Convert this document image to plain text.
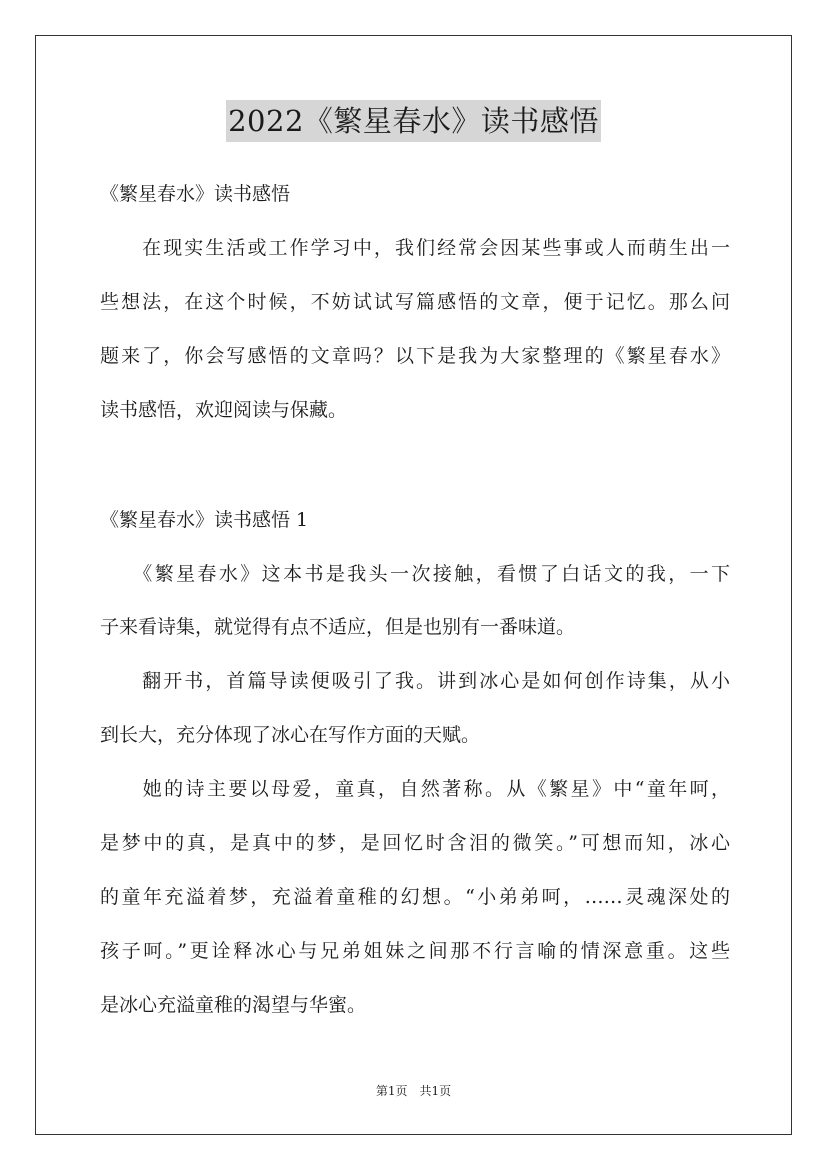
2022《繁星春水》读书感悟
《繁星春水》读书感悟
　　在现实生活或工作学习中，我们经常会因某些事或人而萌生出一
些想法，在这个时候，不妨试试写篇感悟的文章，便于记忆。那么问
题来了，你会写感悟的文章吗？以下是我为大家整理的《繁星春水》
读书感悟，欢迎阅读与保藏。
《繁星春水》读书感悟 1
　　《繁星春水》这本书是我头一次接触，看惯了白话文的我，一下
子来看诗集，就觉得有点不适应，但是也别有一番味道。
　　翻开书，首篇导读便吸引了我。讲到冰心是如何创作诗集，从小
到长大，充分体现了冰心在写作方面的天赋。
　　她的诗主要以母爱，童真，自然著称。从《繁星》中“童年呵，
是梦中的真，是真中的梦，是回忆时含泪的微笑。”可想而知，冰心
的童年充溢着梦，充溢着童稚的幻想。“小弟弟呵，……灵魂深处的
孩子呵。”更诠释冰心与兄弟姐妹之间那不行言喻的情深意重。这些
是冰心充溢童稚的渴望与华蜜。
第1页　共1页
